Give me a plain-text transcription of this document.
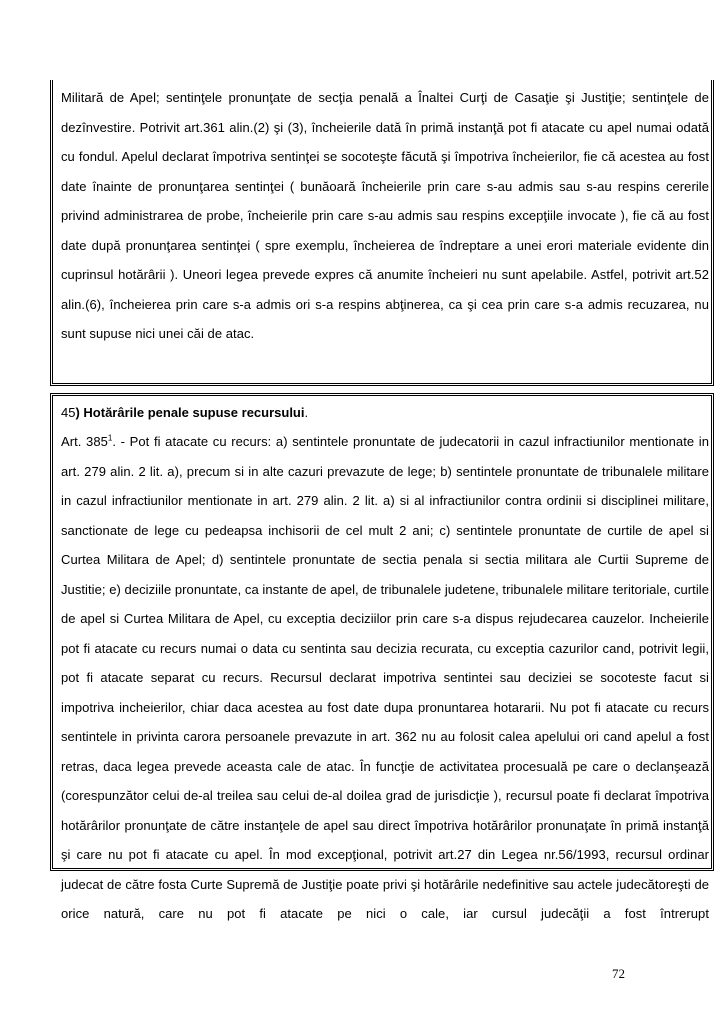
Militară de Apel; sentinţele pronunţate de secţia penală a Înaltei Curţi de Casaţie şi Justiţie; sentinţele de dezînvestire. Potrivit art.361 alin.(2) şi (3), încheierile dată în primă instanţă pot fi atacate cu apel numai odată cu fondul. Apelul declarat împotriva sentinţei se socoteşte făcută şi împotriva încheierilor, fie că acestea au fost date înainte de pronunţarea sentinţei ( bunăoară încheierile prin care s-au admis sau s-au respins cererile privind administrarea de probe, încheierile prin care s-au admis sau respins excepţiile invocate ), fie că au fost date după pronunţarea sentinţei ( spre exemplu, încheierea de îndreptare a unei erori materiale evidente din cuprinsul hotărârii ). Uneori legea prevede expres că anumite încheieri nu sunt apelabile. Astfel, potrivit art.52 alin.(6), încheierea prin care s-a admis ori s-a respins abţinerea, ca şi cea prin care s-a admis recuzarea, nu sunt supuse nici unei căi de atac.

45) Hotărârile penale supuse recursului.

Art. $385^1$. - Pot fi atacate cu recurs: a) sentintele pronuntate de judecatorii in cazul infractiunilor mentionate in art. 279 alin. 2 lit. a), precum si in alte cazuri prevazute de lege; b) sentintele pronuntate de tribunalele militare in cazul infractiunilor mentionate in art. 279 alin. 2 lit. a) si al infractiunilor contra ordinii si disciplinei militare, sanctionate de lege cu pedeapsa inchisorii de cel mult 2 ani; c) sentintele pronuntate de curtile de apel si Curtea Militara de Apel; d) sentintele pronuntate de sectia penala si sectia militara ale Curtii Supreme de Justitie; e) deciziile pronuntate, ca instante de apel, de tribunalele judetene, tribunalele militare teritoriale, curtile de apel si Curtea Militara de Apel, cu exceptia deciziilor prin care s-a dispus rejudecarea cauzelor. Incheierile pot fi atacate cu recurs numai o data cu sentinta sau decizia recurata, cu exceptia cazurilor cand, potrivit legii, pot fi atacate separat cu recurs. Recursul declarat impotriva sentintei sau deciziei se socoteste facut si impotriva incheierilor, chiar daca acestea au fost date dupa pronuntarea hotararii. Nu pot fi atacate cu recurs sentintele in privinta carora persoanele prevazute in art. 362 nu au folosit calea apelului ori cand apelul a fost retras, daca legea prevede aceasta cale de atac. În funcţie de activitatea procesuală pe care o declanşează (corespunzător celui de-al treilea sau celui de-al doilea grad de jurisdicţie ), recursul poate fi declarat împotriva hotărârilor pronunţate de către instanţele de apel sau direct împotriva hotărârilor pronunaţate în primă instanţă şi care nu pot fi atacate cu apel. În mod excepţional, potrivit art.27 din Legea nr.56/1993, recursul ordinar judecat de către fosta Curte Supremă de Justiţie poate privi şi hotărârile nedefinitive sau actele judecătoreşti de orice natură, care nu pot fi atacate pe nici o cale, iar cursul judecăţii a fost întrerupt

72
